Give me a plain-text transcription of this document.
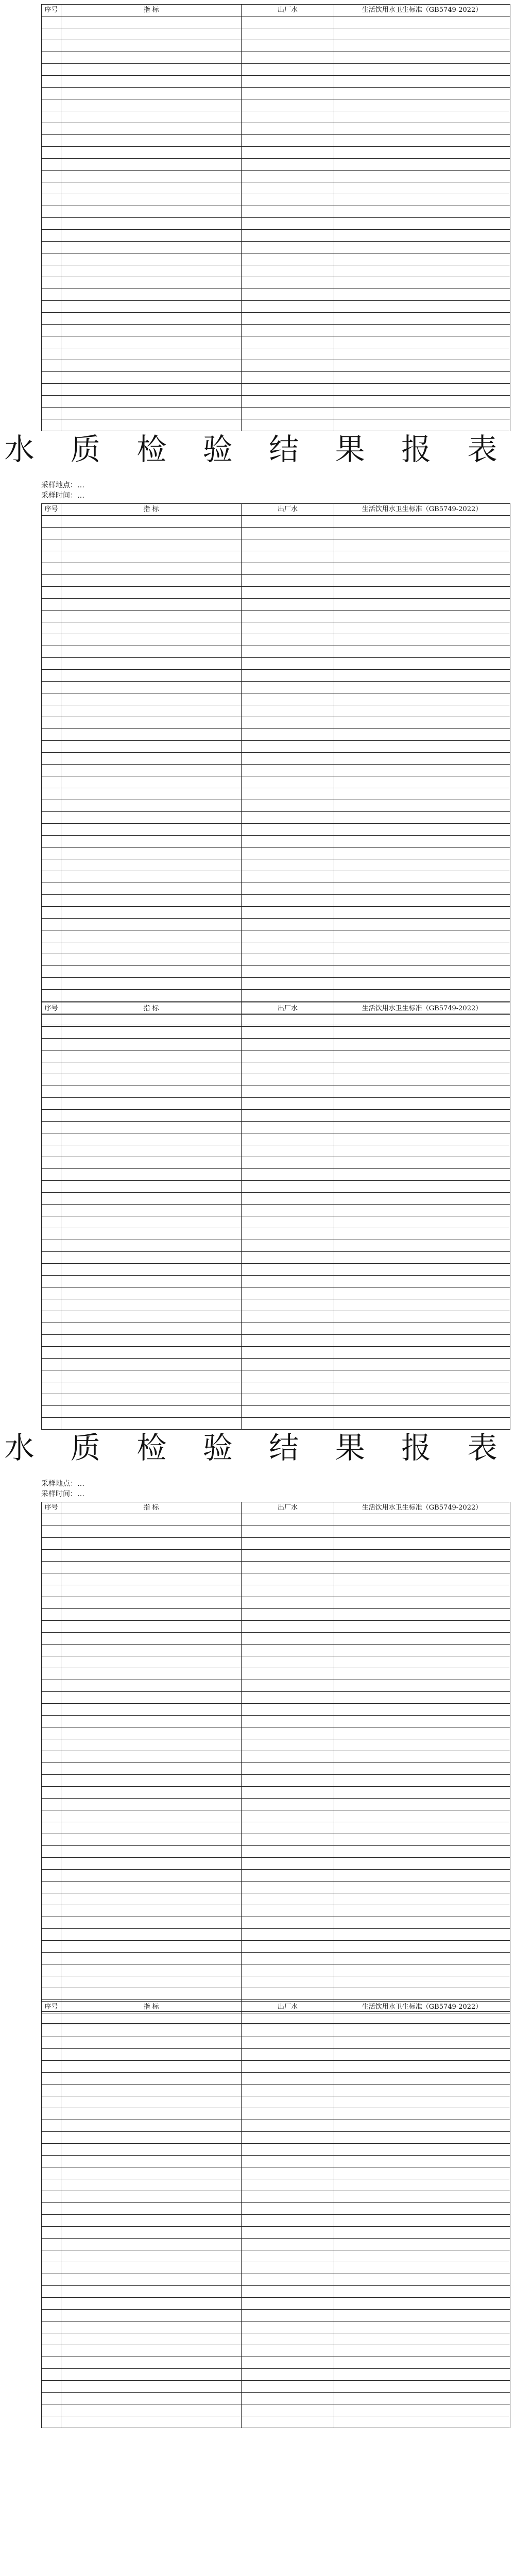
序号	指 标	出厂水	生活饮用水卫生标准（GB5749-2022）

水 质 检 验 结 果 报 表
采样地点：…
采样时间：…
序号	指 标	出厂水	生活饮用水卫生标准（GB5749-2022）

序号	指 标	出厂水	生活饮用水卫生标准（GB5749-2022）

水 质 检 验 结 果 报 表
采样地点：…
采样时间：…
序号	指 标	出厂水	生活饮用水卫生标准（GB5749-2022）

序号	指 标	出厂水	生活饮用水卫生标准（GB5749-2022）
